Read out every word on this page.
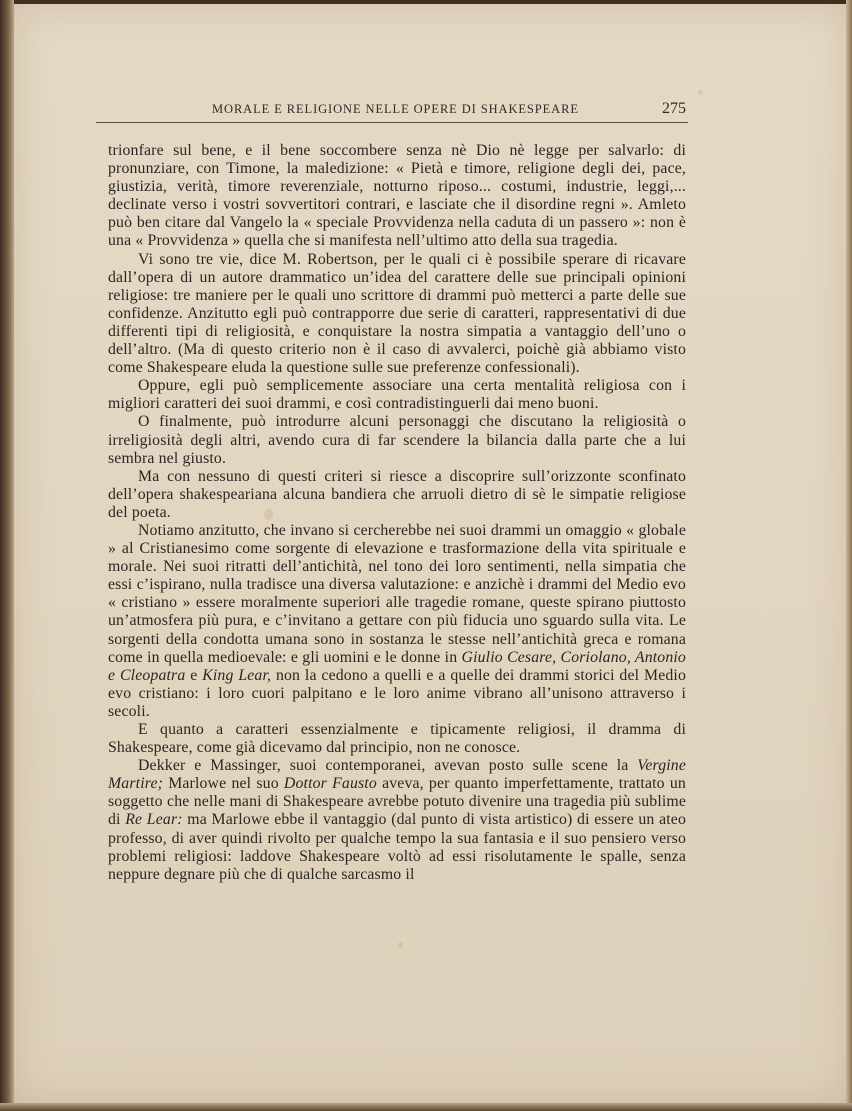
MORALE E RELIGIONE NELLE OPERE DI SHAKESPEARE	275

trionfare sul bene, e il bene soccombere senza nè Dio nè legge per salvarlo: di pronunziare, con Timone, la maledizione: « Pietà e timore, religione degli dei, pace, giustizia, verità, timore reverenziale, notturno riposo... costumi, industrie, leggi,... declinate verso i vostri sovvertitori contrari, e lasciate che il disordine regni ». Amleto può ben citare dal Vangelo la « speciale Provvidenza nella caduta di un passero »: non è una « Provvidenza » quella che si manifesta nell’ultimo atto della sua tragedia.

Vi sono tre vie, dice M. Robertson, per le quali ci è possibile sperare di ricavare dall’opera di un autore drammatico un’idea del carattere delle sue principali opinioni religiose: tre maniere per le quali uno scrittore di drammi può metterci a parte delle sue confidenze. Anzitutto egli può contrapporre due serie di caratteri, rappresentativi di due differenti tipi di religiosità, e conquistare la nostra simpatia a vantaggio dell’uno o dell’altro. (Ma di questo criterio non è il caso di avvalerci, poichè già abbiamo visto come Shakespeare eluda la questione sulle sue preferenze confessionali).

Oppure, egli può semplicemente associare una certa mentalità religiosa con i migliori caratteri dei suoi drammi, e così contradistinguerli dai meno buoni.

O finalmente, può introdurre alcuni personaggi che discutano la religiosità o irreligiosità degli altri, avendo cura di far scendere la bilancia dalla parte che a lui sembra nel giusto.

Ma con nessuno di questi criteri si riesce a discoprire sull’orizzonte sconfinato dell’opera shakespeariana alcuna bandiera che arruoli dietro di sè le simpatie religiose del poeta.

Notiamo anzitutto, che invano si cercherebbe nei suoi drammi un omaggio « globale » al Cristianesimo come sorgente di elevazione e trasformazione della vita spirituale e morale. Nei suoi ritratti dell’antichità, nel tono dei loro sentimenti, nella simpatia che essi c’ispirano, nulla tradisce una diversa valutazione: e anzichè i drammi del Medio evo « cristiano » essere moralmente superiori alle tragedie romane, queste spirano piuttosto un’atmosfera più pura, e c’invitano a gettare con più fiducia uno sguardo sulla vita. Le sorgenti della condotta umana sono in sostanza le stesse nell’antichità greca e romana come in quella medioevale: e gli uomini e le donne in Giulio Cesare, Coriolano, Antonio e Cleopatra e King Lear, non la cedono a quelli e a quelle dei drammi storici del Medio evo cristiano: i loro cuori palpitano e le loro anime vibrano all’unisono attraverso i secoli.

E quanto a caratteri essenzialmente e tipicamente religiosi, il dramma di Shakespeare, come già dicevamo dal principio, non ne conosce.

Dekker e Massinger, suoi contemporanei, avevan posto sulle scene la Vergine Martire; Marlowe nel suo Dottor Fausto aveva, per quanto imperfettamente, trattato un soggetto che nelle mani di Shakespeare avrebbe potuto divenire una tragedia più sublime di Re Lear: ma Marlowe ebbe il vantaggio (dal punto di vista artistico) di essere un ateo professo, di aver quindi rivolto per qualche tempo la sua fantasia e il suo pensiero verso problemi religiosi: laddove Shakespeare voltò ad essi risolutamente le spalle, senza neppure degnare più che di qualche sarcasmo il
